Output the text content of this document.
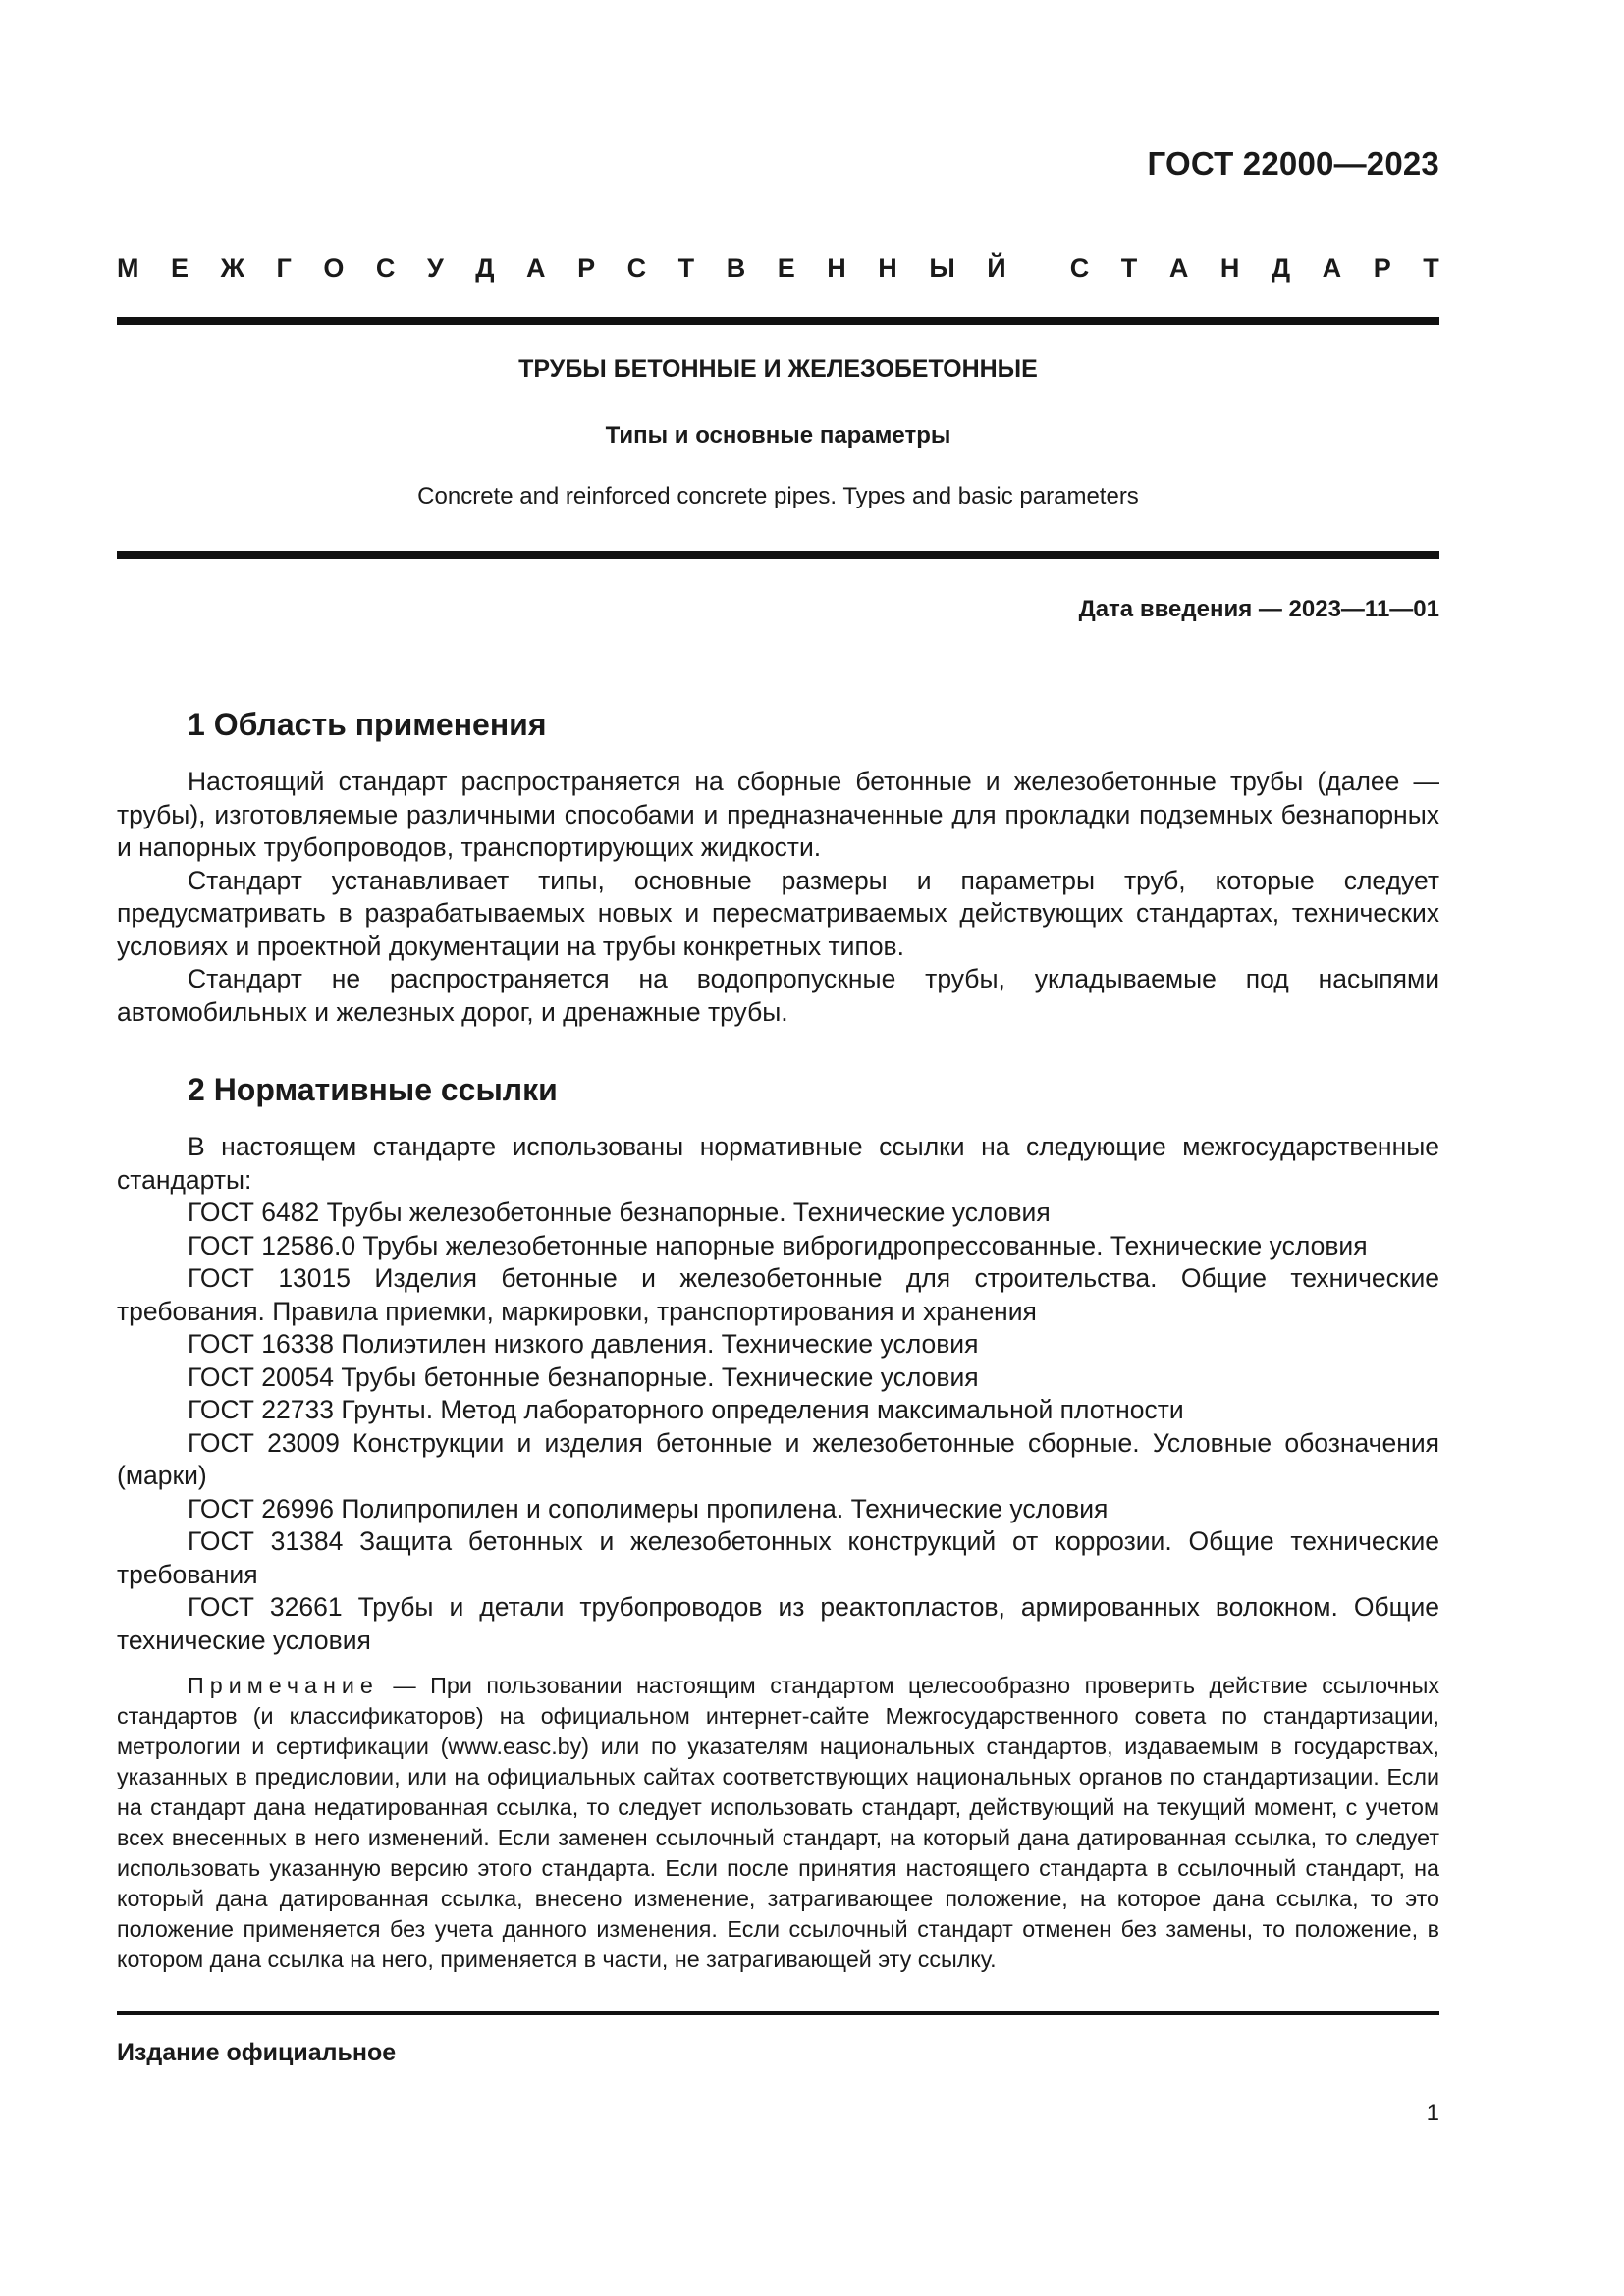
ГОСТ 22000—2023
М Е Ж Г О С У Д А Р С Т В Е Н Н Ы Й С Т А Н Д А Р Т
ТРУБЫ БЕТОННЫЕ И ЖЕЛЕЗОБЕТОННЫЕ
Типы и основные параметры
Concrete and reinforced concrete pipes. Types and basic parameters
Дата введения — 2023—11—01
1 Область применения

Настоящий стандарт распространяется на сборные бетонные и железобетонные трубы (далее — трубы), изготовляемые различными способами и предназначенные для прокладки подземных безнапорных и напорных трубопроводов, транспортирующих жидкости.

Стандарт устанавливает типы, основные размеры и параметры труб, которые следует предусматривать в разрабатываемых новых и пересматриваемых действующих стандартах, технических условиях и проектной документации на трубы конкретных типов.

Стандарт не распространяется на водопропускные трубы, укладываемые под насыпями автомобильных и железных дорог, и дренажные трубы.

2 Нормативные ссылки

В настоящем стандарте использованы нормативные ссылки на следующие межгосударственные стандарты:

ГОСТ 6482 Трубы железобетонные безнапорные. Технические условия

ГОСТ 12586.0 Трубы железобетонные напорные виброгидропрессованные. Технические условия

ГОСТ 13015 Изделия бетонные и железобетонные для строительства. Общие технические требования. Правила приемки, маркировки, транспортирования и хранения

ГОСТ 16338 Полиэтилен низкого давления. Технические условия

ГОСТ 20054 Трубы бетонные безнапорные. Технические условия

ГОСТ 22733 Грунты. Метод лабораторного определения максимальной плотности

ГОСТ 23009 Конструкции и изделия бетонные и железобетонные сборные. Условные обозначения (марки)

ГОСТ 26996 Полипропилен и сополимеры пропилена. Технические условия

ГОСТ 31384 Защита бетонных и железобетонных конструкций от коррозии. Общие технические требования

ГОСТ 32661 Трубы и детали трубопроводов из реактопластов, армированных волокном. Общие технические условия

Примечание — При пользовании настоящим стандартом целесообразно проверить действие ссылочных стандартов (и классификаторов) на официальном интернет-сайте Межгосударственного совета по стандартизации, метрологии и сертификации (www.easc.by) или по указателям национальных стандартов, издаваемым в государствах, указанных в предисловии, или на официальных сайтах соответствующих национальных органов по стандартизации. Если на стандарт дана недатированная ссылка, то следует использовать стандарт, действующий на текущий момент, с учетом всех внесенных в него изменений. Если заменен ссылочный стандарт, на который дана датированная ссылка, то следует использовать указанную версию этого стандарта. Если после принятия настоящего стандарта в ссылочный стандарт, на который дана датированная ссылка, внесено изменение, затрагивающее положение, на которое дана ссылка, то это положение применяется без учета данного изменения. Если ссылочный стандарт отменен без замены, то положение, в котором дана ссылка на него, применяется в части, не затрагивающей эту ссылку.
Издание официальное
1
